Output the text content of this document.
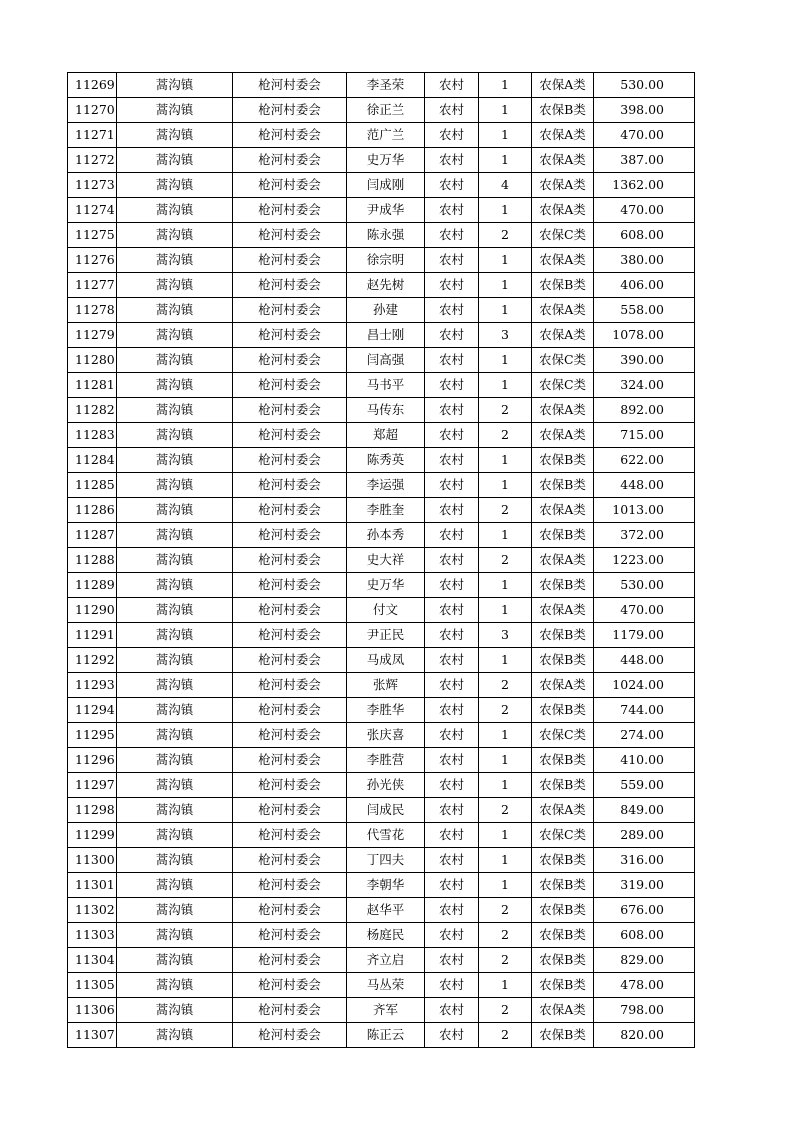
11269	蒿沟镇	枪河村委会	李圣荣	农村	1	农保A类	530.00
11270	蒿沟镇	枪河村委会	徐正兰	农村	1	农保B类	398.00
11271	蒿沟镇	枪河村委会	范广兰	农村	1	农保A类	470.00
11272	蒿沟镇	枪河村委会	史万华	农村	1	农保A类	387.00
11273	蒿沟镇	枪河村委会	闫成刚	农村	4	农保A类	1362.00
11274	蒿沟镇	枪河村委会	尹成华	农村	1	农保A类	470.00
11275	蒿沟镇	枪河村委会	陈永强	农村	2	农保C类	608.00
11276	蒿沟镇	枪河村委会	徐宗明	农村	1	农保A类	380.00
11277	蒿沟镇	枪河村委会	赵先树	农村	1	农保B类	406.00
11278	蒿沟镇	枪河村委会	孙建	农村	1	农保A类	558.00
11279	蒿沟镇	枪河村委会	昌士刚	农村	3	农保A类	1078.00
11280	蒿沟镇	枪河村委会	闫高强	农村	1	农保C类	390.00
11281	蒿沟镇	枪河村委会	马书平	农村	1	农保C类	324.00
11282	蒿沟镇	枪河村委会	马传东	农村	2	农保A类	892.00
11283	蒿沟镇	枪河村委会	郑超	农村	2	农保A类	715.00
11284	蒿沟镇	枪河村委会	陈秀英	农村	1	农保B类	622.00
11285	蒿沟镇	枪河村委会	李运强	农村	1	农保B类	448.00
11286	蒿沟镇	枪河村委会	李胜奎	农村	2	农保A类	1013.00
11287	蒿沟镇	枪河村委会	孙本秀	农村	1	农保B类	372.00
11288	蒿沟镇	枪河村委会	史大祥	农村	2	农保A类	1223.00
11289	蒿沟镇	枪河村委会	史万华	农村	1	农保B类	530.00
11290	蒿沟镇	枪河村委会	付文	农村	1	农保A类	470.00
11291	蒿沟镇	枪河村委会	尹正民	农村	3	农保B类	1179.00
11292	蒿沟镇	枪河村委会	马成凤	农村	1	农保B类	448.00
11293	蒿沟镇	枪河村委会	张辉	农村	2	农保A类	1024.00
11294	蒿沟镇	枪河村委会	李胜华	农村	2	农保B类	744.00
11295	蒿沟镇	枪河村委会	张庆喜	农村	1	农保C类	274.00
11296	蒿沟镇	枪河村委会	李胜营	农村	1	农保B类	410.00
11297	蒿沟镇	枪河村委会	孙光侠	农村	1	农保B类	559.00
11298	蒿沟镇	枪河村委会	闫成民	农村	2	农保A类	849.00
11299	蒿沟镇	枪河村委会	代雪花	农村	1	农保C类	289.00
11300	蒿沟镇	枪河村委会	丁四夫	农村	1	农保B类	316.00
11301	蒿沟镇	枪河村委会	李朝华	农村	1	农保B类	319.00
11302	蒿沟镇	枪河村委会	赵华平	农村	2	农保B类	676.00
11303	蒿沟镇	枪河村委会	杨庭民	农村	2	农保B类	608.00
11304	蒿沟镇	枪河村委会	齐立启	农村	2	农保B类	829.00
11305	蒿沟镇	枪河村委会	马丛荣	农村	1	农保B类	478.00
11306	蒿沟镇	枪河村委会	齐军	农村	2	农保A类	798.00
11307	蒿沟镇	枪河村委会	陈正云	农村	2	农保B类	820.00
